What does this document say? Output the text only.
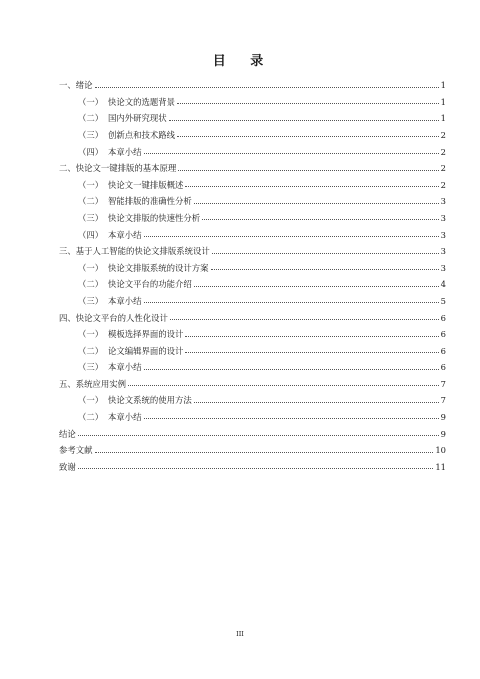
目 录
一、绪论	1
（一） 快论文的选题背景	1
（二） 国内外研究现状	1
（三） 创新点和技术路线	2
（四） 本章小结	2
二、快论文一键排版的基本原理	2
（一） 快论文一键排版概述	2
（二） 智能排版的准确性分析	3
（三） 快论文排版的快速性分析	3
（四） 本章小结	3
三、基于人工智能的快论文排版系统设计	3
（一） 快论文排版系统的设计方案	3
（二） 快论文平台的功能介绍	4
（三） 本章小结	5
四、快论文平台的人性化设计	6
（一） 模板选择界面的设计	6
（二） 论文编辑界面的设计	6
（三） 本章小结	6
五、系统应用实例	7
（一） 快论文系统的使用方法	7
（二） 本章小结	9
结论	9
参考文献	10
致谢	11
III
